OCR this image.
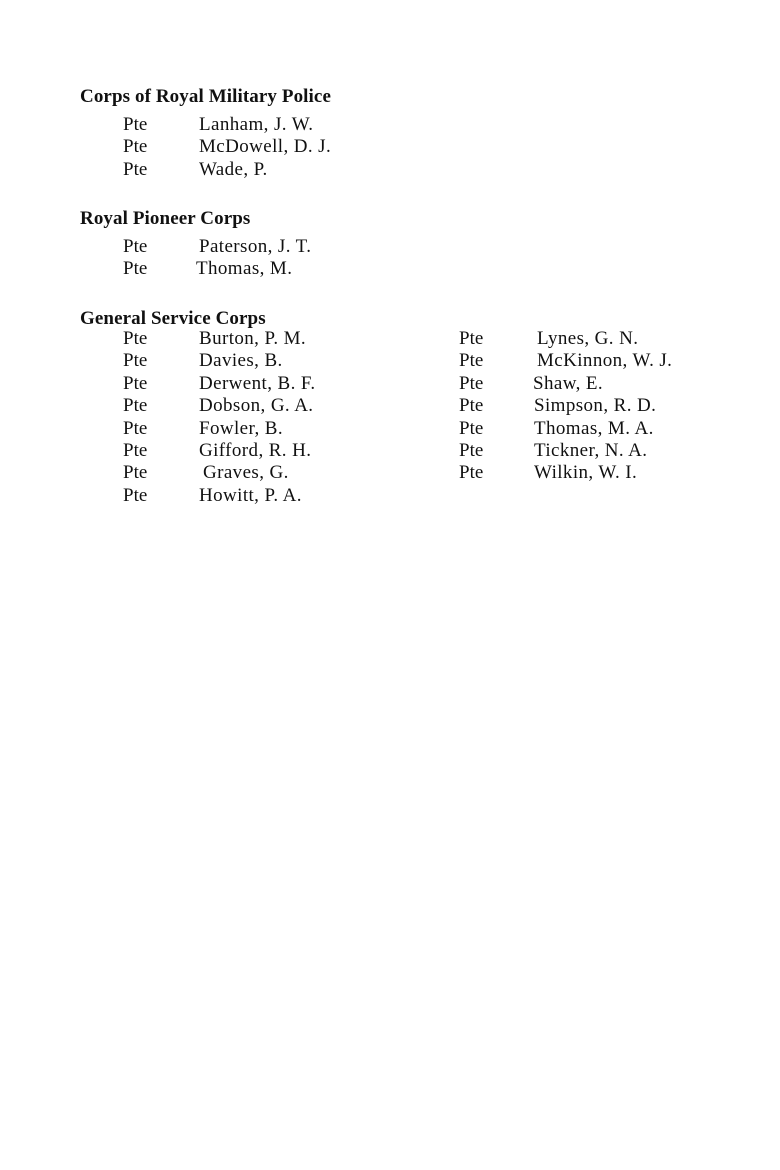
Corps of Royal Military Police
Pte	Lanham, J. W.
Pte	McDowell, D. J.
Pte	Wade, P.
Royal Pioneer Corps
Pte	Paterson, J. T.
Pte	Thomas, M.
General Service Corps
Pte	Burton, P. M.
Pte	Davies, B.
Pte	Derwent, B. F.
Pte	Dobson, G. A.
Pte	Fowler, B.
Pte	Gifford, R. H.
Pte	Graves, G.
Pte	Howitt, P. A.
Pte	Lynes, G. N.
Pte	McKinnon, W. J.
Pte	Shaw, E.
Pte	Simpson, R. D.
Pte	Thomas, M. A.
Pte	Tickner, N. A.
Pte	Wilkin, W. I.
